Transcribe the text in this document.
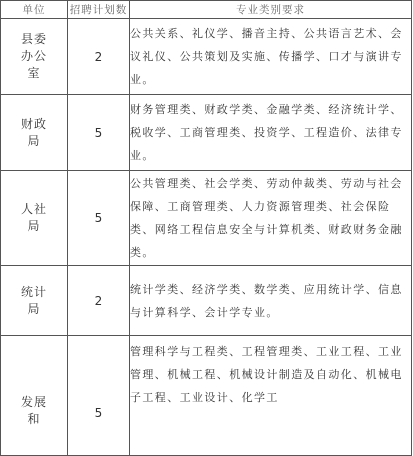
单位	招聘计划数	专业类别要求
县委办公室	2	公共关系、礼仪学、播音主持、公共语言艺术、会议礼仪、公共策划及实施、传播学、口才与演讲专业。
财政局	5	财务管理类、财政学类、金融学类、经济统计学、税收学、工商管理类、投资学、工程造价、法律专业。
人社局	5	公共管理类、社会学类、劳动仲裁类、劳动与社会保障、工商管理类、人力资源管理类、社会保险类、网络工程信息安全与计算机类、财政财务金融类。
统计局	2	统计学类、经济学类、数学类、应用统计学、信息与计算科学、会计学专业。
发展和	5	管理科学与工程类、工程管理类、工业工程、工业管理、机械工程、机械设计制造及自动化、机械电子工程、工业设计、化学工
